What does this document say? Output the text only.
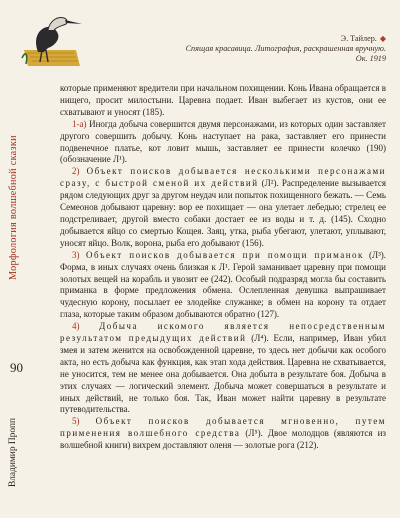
Э. Тайлер. ◆
Спящая красавица. Литография, раскрашенная вручную.
Ок. 1919
Морфология волшебной сказки
90
Владимир Пропп

которые применяют вредители при начальном похищении. Конь Ивана обращается в нищего, просит милостыни. Царевна подает. Иван выбегает из кустов, они ее схватывают и уносят (185).

1-а) Иногда добыча совершится двумя персонажами, из которых один заставляет другого совершить добычу. Конь наступает на рака, заставляет его принести подвенечное платье, кот ловит мышь, заставляет ее принести колечко (190) (обозначение Л¹).

2) Объект поисков добывается несколькими персонажами сразу, с быстрой сменой их действий (Л²). Распределение вызывается рядом следующих друг за другом неудач или попыток похищенного бежать. — Семь Семеонов добывают царевну: вор ее похищает — она улетает лебедью; стрелец ее подстреливает, другой вместо собаки достает ее из воды и т. д. (145). Сходно добывается яйцо со смертью Кощея. Заяц, утка, рыба убегают, улетают, уплывают, уносят яйцо. Волк, ворона, рыба его добывают (156).

3) Объект поисков добывается при помощи приманок (Л³). Форма, в иных случаях очень близкая к Л¹. Герой заманивает царевну при помощи золотых вещей на корабль и увозит ее (242). Особый подразряд могла бы составить приманка в форме предложения обмена. Ослепленная девушка выпрашивает чудесную корону, посылает ее злодейке служанке; в обмен на корону та отдает глаза, которые таким образом добываются обратно (127).

4) Добыча искомого является непосредственным результатом предыдущих действий (Л⁴). Если, например, Иван убил змея и затем женится на освобожденной царевне, то здесь нет добычи как особого акта, но есть добыча как функция, как этап хода действия. Царевна не схватывается, не уносится, тем не менее она добывается. Она добыта в результате боя. Добыча в этих случаях — логический элемент. Добыча может совершаться в результате и иных действий, не только боя. Так, Иван может найти царевну в результате путеводительства.

5) Объект поисков добывается мгновенно, путем применения волшебного средства (Л⁵). Двое молодцов (являются из волшебной книги) вихрем доставляют оленя — золотые рога (212).
